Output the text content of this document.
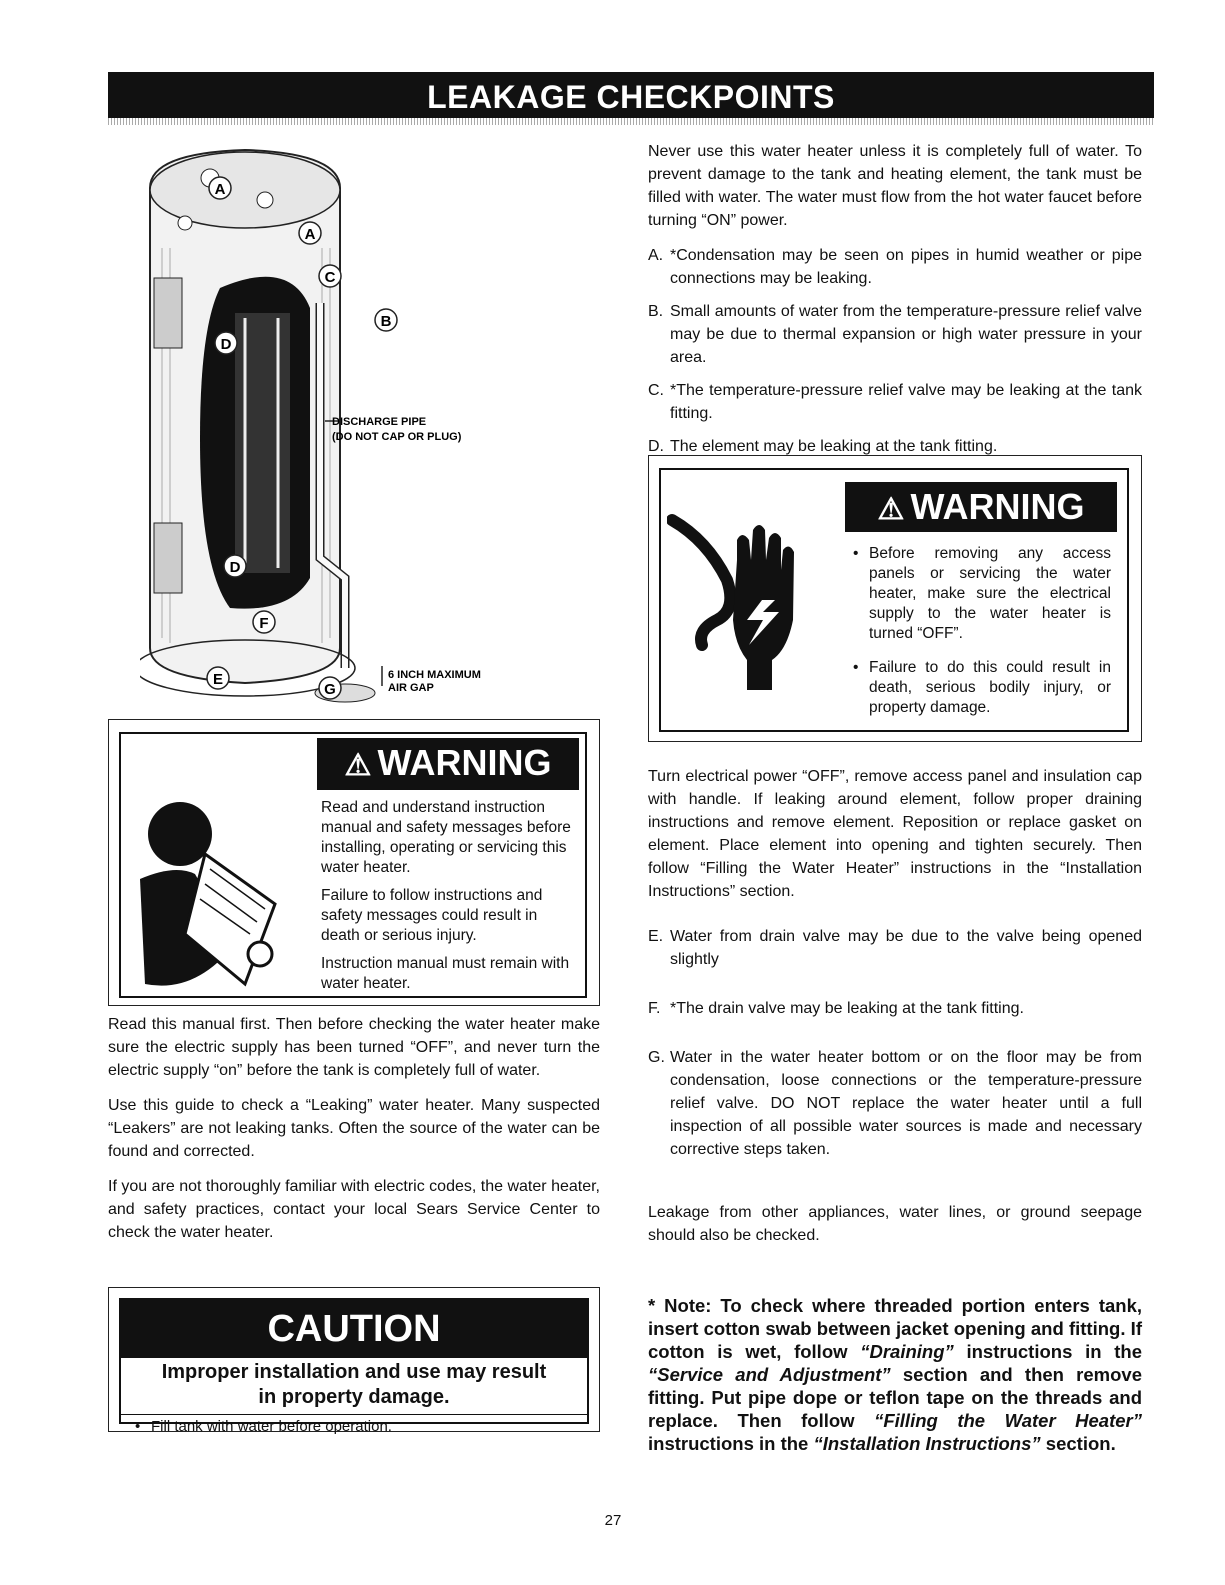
LEAKAGE CHECKPOINTS
DISCHARGE PIPE
(DO NOT CAP OR PLUG)
6 INCH MAXIMUM
AIR GAP
A
A
C
B
D
D
F
E
G
⚠ WARNING

Read and understand instruction manual and safety messages before installing, operating or servicing this water heater.

Failure to follow instructions and safety messages could result in death or serious injury.

Instruction manual must remain with water heater.

Read this manual first. Then before checking the water heater make sure the electric supply has been turned “OFF”, and never turn the electric supply “on” before the tank is completely full of water.

Use this guide to check a “Leaking” water heater. Many suspected “Leakers” are not leaking tanks. Often the source of the water can be found and corrected.

If you are not thoroughly familiar with electric codes, the water heater, and safety practices, contact your local Sears Service Center to check the water heater.

CAUTION
Improper installation and use may result
in property damage.
• Fill tank with water before operation.

Never use this water heater unless it is completely full of water. To prevent damage to the tank and heating element, the tank must be filled with water. The water must flow from the hot water faucet before turning “ON” power.

A. *Condensation may be seen on pipes in humid weather or pipe connections may be leaking.
B. Small amounts of water from the temperature-pressure relief valve may be due to thermal expansion or high water pressure in your area.
C. *The temperature-pressure relief valve may be leaking at the tank fitting.
D. The element may be leaking at the tank fitting.
⚠ WARNING
• Before removing any access panels or servicing the water heater, make sure the electrical supply to the water heater is turned “OFF”.
• Failure to do this could result in death, serious bodily injury, or property damage.

Turn electrical power “OFF”, remove access panel and insulation cap with handle. If leaking around element, follow proper draining instructions and remove element. Reposition or replace gasket on element. Place element into opening and tighten securely. Then follow “Filling the Water Heater” instructions in the “Installation Instructions” section.

E. Water from drain valve may be due to the valve being opened slightly
F. *The drain valve may be leaking at the tank fitting.
G. Water in the water heater bottom or on the floor may be from condensation, loose connections or the temperature-pressure relief valve. DO NOT replace the water heater until a full inspection of all possible water sources is made and necessary corrective steps taken.

Leakage from other appliances, water lines, or ground seepage should also be checked.

* Note: To check where threaded portion enters tank, insert cotton swab between jacket opening and fitting. If cotton is wet, follow “Draining” instructions in the “Service and Adjustment” section and then remove fitting. Put pipe dope or teflon tape on the threads and replace. Then follow “Filling the Water Heater” instructions in the “Installation Instructions” section.
27
